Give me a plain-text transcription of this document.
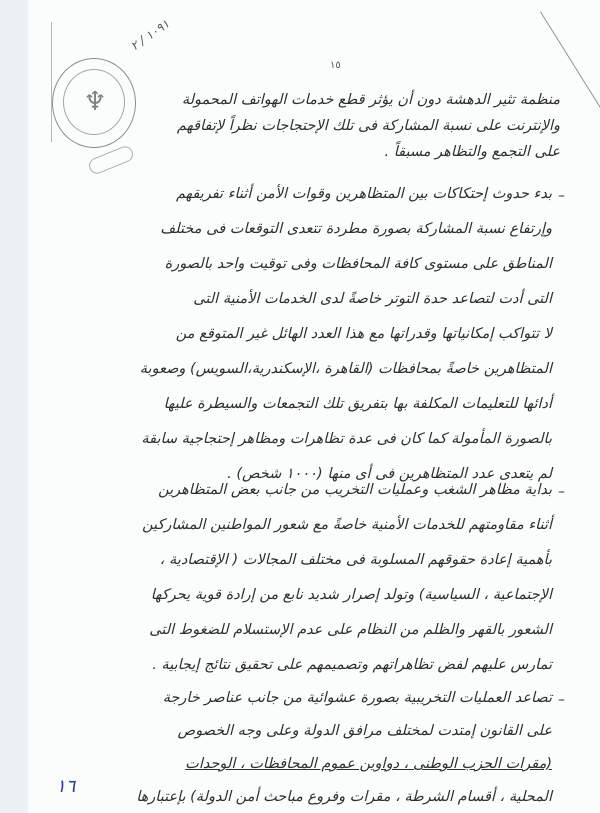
١٠٩١ / ٢
♆
١٥
منظمة تثير الدهشة دون أن يؤثر قطع خدمات الهواتف المحمولة
والإنترنت على نسبة المشاركة فى تلك الإحتجاجات نظراً لإتفاقهم
على التجمع والتظاهر مسبقاً .
–
بدء حدوث إحتكاكات بين المتظاهرين وقوات الأمن أثناء تفريقهم
وإرتفاع نسبة المشاركة بصورة مطردة تتعدى التوقعات فى مختلف
المناطق على مستوى كافة المحافظات وفى توقيت واحد بالصورة
التى أدت لتصاعد حدة التوتر خاصةً لدى الخدمات الأمنية التى
لا تتواكب إمكانياتها وقدراتها مع هذا العدد الهائل غير المتوقع من
المتظاهرين خاصةً بمحافظات (القاهرة ،الإسكندرية،السويس) وصعوبة
أدائها للتعليمات المكلفة بها بتفريق تلك التجمعات والسيطرة عليها
بالصورة المأمولة كما كان فى عدة تظاهرات ومظاهر إحتجاجية سابقة
لم يتعدى عدد المتظاهرين فى أى منها (١٠٠٠ شخص) .
–
بداية مظاهر الشغب وعمليات التخريب من جانب بعض المتظاهرين
أثناء مقاومتهم للخدمات الأمنية خاصةً مع شعور المواطنين المشاركين
بأهمية إعادة حقوقهم المسلوبة فى مختلف المجالات ( الإقتصادية ،
الإجتماعية ، السياسية) وتولد إصرار شديد نابع من إرادة قوية يحركها
الشعور بالقهر والظلم من النظام على عدم الإستسلام للضغوط التى
تمارس عليهم لفض تظاهراتهم وتصميمهم على تحقيق نتائج إيجابية .
–
تصاعد العمليات التخريبية بصورة عشوائية من جانب عناصر خارجة
على القانون إمتدت لمختلف مرافق الدولة وعلى وجه الخصوص
(مقرات الحزب الوطنى ، دواوين عموم المحافظات ، الوحدات
المحلية ، أقسام الشرطة ، مقرات وفروع مباحث أمن الدولة) بإعتبارها
١٦
